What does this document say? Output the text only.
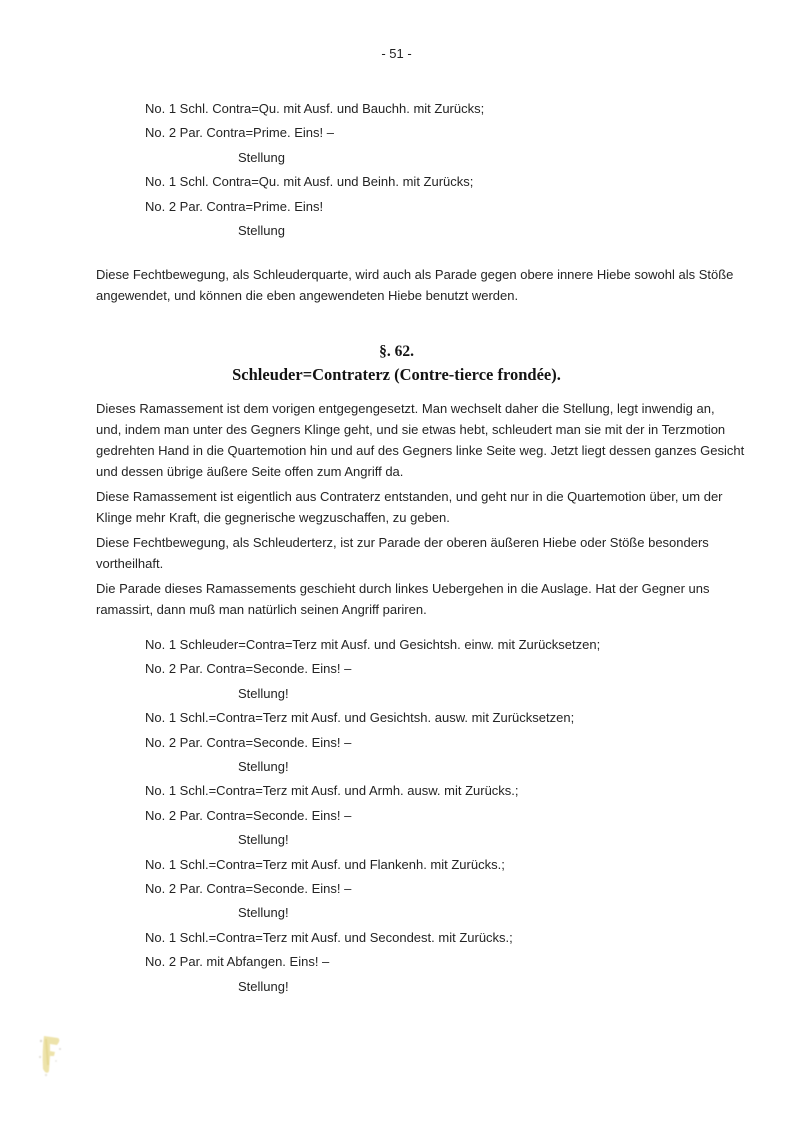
- 51 -
No. 1 Schl. Contra=Qu. mit Ausf. und Bauchh. mit Zurücks;
No. 2 Par. Contra=Prime. Eins! –
Stellung
No. 1 Schl. Contra=Qu. mit Ausf. und Beinh. mit Zurücks;
No. 2 Par. Contra=Prime. Eins!
Stellung
Diese Fechtbewegung, als Schleuderquarte, wird auch als Parade gegen obere innere Hiebe sowohl als Stöße
angewendet, und können die eben angewendeten Hiebe benutzt werden.
§. 62.
Schleuder=Contraterz (Contre-tierce frondée).
Dieses Ramassement ist dem vorigen entgegengesetzt. Man wechselt daher die Stellung, legt inwendig an,
und, indem man unter des Gegners Klinge geht, und sie etwas hebt, schleudert man sie mit der in Terzmotion
gedrehten Hand in die Quartemotion hin und auf des Gegners linke Seite weg. Jetzt liegt dessen ganzes Gesicht
und dessen übrige äußere Seite offen zum Angriff da.
Diese Ramassement ist eigentlich aus Contraterz entstanden, und geht nur in die Quartemotion über, um der
Klinge mehr Kraft, die gegnerische wegzuschaffen, zu geben.
Diese Fechtbewegung, als Schleuderterz, ist zur Parade der oberen äußeren Hiebe oder Stöße besonders
vortheilhaft.
Die Parade dieses Ramassements geschieht durch linkes Uebergehen in die Auslage. Hat der Gegner uns
ramassirt, dann muß man natürlich seinen Angriff pariren.
No. 1 Schleuder=Contra=Terz mit Ausf. und Gesichtsh. einw. mit Zurücksetzen;
No. 2 Par. Contra=Seconde. Eins! –
Stellung!
No. 1 Schl.=Contra=Terz mit Ausf. und Gesichtsh. ausw. mit Zurücksetzen;
No. 2 Par. Contra=Seconde. Eins! –
Stellung!
No. 1 Schl.=Contra=Terz mit Ausf. und Armh. ausw. mit Zurücks.;
No. 2 Par. Contra=Seconde. Eins! –
Stellung!
No. 1 Schl.=Contra=Terz mit Ausf. und Flankenh. mit Zurücks.;
No. 2 Par. Contra=Seconde. Eins! –
Stellung!
No. 1 Schl.=Contra=Terz mit Ausf. und Secondest. mit Zurücks.;
No. 2 Par. mit Abfangen. Eins! –
Stellung!
